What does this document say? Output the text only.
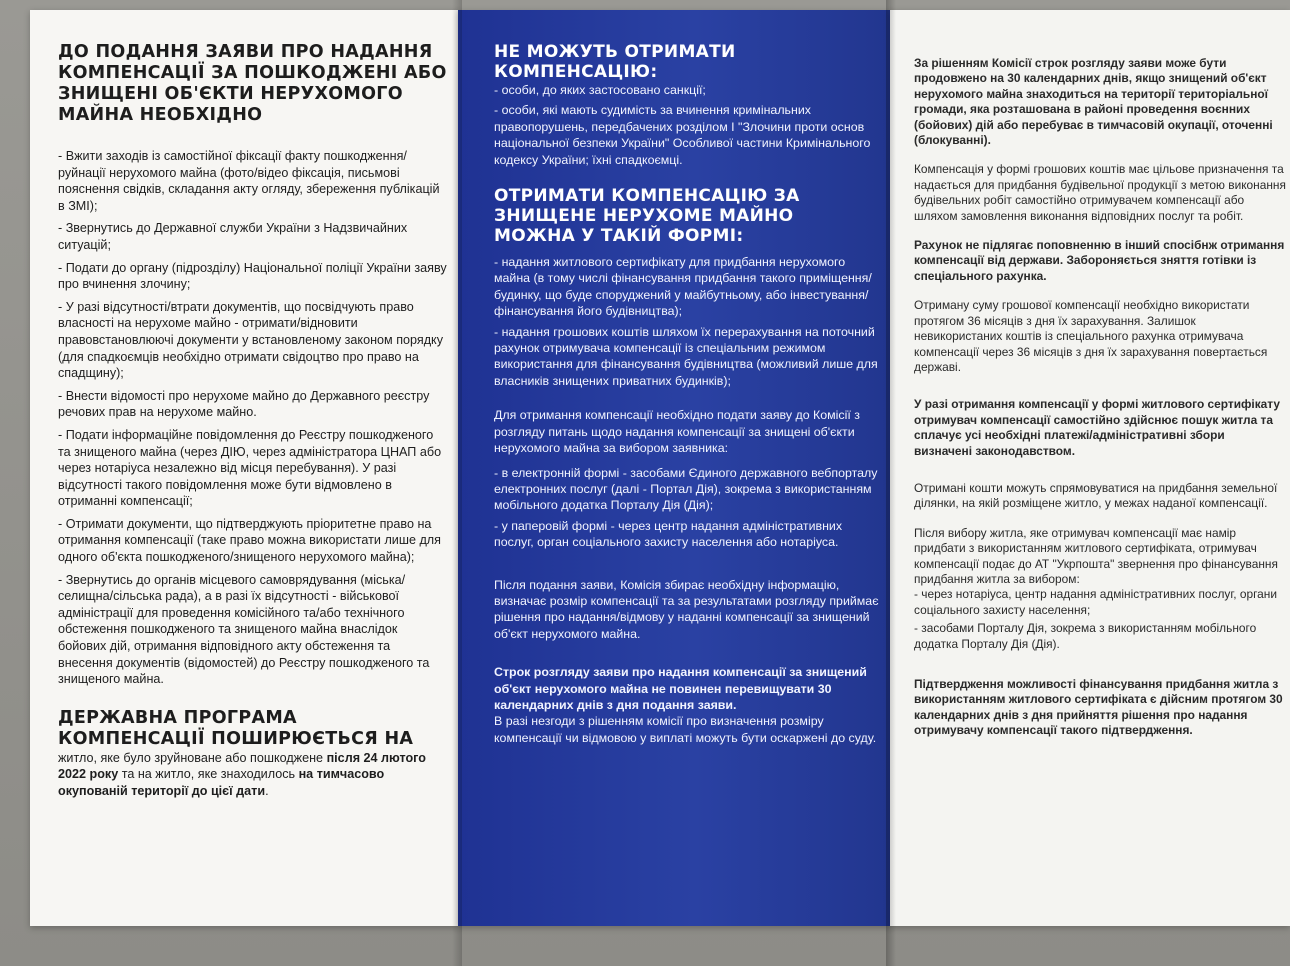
ДО ПОДАННЯ ЗАЯВИ ПРО НАДАННЯ КОМПЕНСАЦІЇ ЗА ПОШКОДЖЕНІ АБО ЗНИЩЕНІ ОБ'ЄКТИ НЕРУХОМОГО МАЙНА НЕОБХІДНО
- Вжити заходів із самостійної фіксації факту пошкодження/руйнації нерухомого майна (фото/відео фіксація, письмові пояснення свідків, складання акту огляду, збереження публікацій в ЗМІ);
- Звернутись до Державної служби України з Надзвичайних ситуацій;
- Подати до органу (підрозділу) Національної поліції України заяву про вчинення злочину;
- У разі відсутності/втрати документів, що посвідчують право власності на нерухоме майно - отримати/відновити правовстановлюючі документи у встановленому законом порядку (для спадкоємців необхідно отримати свідоцтво про право на спадщину);
- Внести відомості про нерухоме майно до Державного реєстру речових прав на нерухоме майно.
- Подати інформаційне повідомлення до Реєстру пошкодженого та знищеного майна (через ДІЮ, через адміністратора ЦНАП або через нотаріуса незалежно від місця перебування). У разі відсутності такого повідомлення може бути відмовлено в отриманні компенсації;
- Отримати документи, що підтверджують пріоритетне право на отримання компенсації (таке право можна використати лише для одного об'єкта пошкодженого/знищеного нерухомого майна);
- Звернутись до органів місцевого самоврядування (міська/селищна/сільська рада), а в разі їх відсутності - військової адміністрації для проведення комісійного та/або технічного обстеження пошкодженого та знищеного майна внаслідок бойових дій, отримання відповідного акту обстеження та внесення документів (відомостей) до Реєстру пошкодженого та знищеного майна.
ДЕРЖАВНА ПРОГРАМА КОМПЕНСАЦІЇ ПОШИРЮЄТЬСЯ НА

житло, яке було зруйноване або пошкоджене після 24 лютого 2022 року та на житло, яке знаходилось на тимчасово окупованій території до цієї дати.

НЕ МОЖУТЬ ОТРИМАТИ КОМПЕНСАЦІЮ:
- особи, до яких застосовано санкції;
- особи, які мають судимість за вчинення кримінальних правопорушень, передбачених розділом I "Злочини проти основ національної безпеки України" Особливої частини Кримінального кодексу України; їхні спадкоємці.
ОТРИМАТИ КОМПЕНСАЦІЮ ЗА ЗНИЩЕНЕ НЕРУХОМЕ МАЙНО МОЖНА У ТАКІЙ ФОРМІ:
- надання житлового сертифікату для придбання нерухомого майна (в тому числі фінансування придбання такого приміщення/будинку, що буде споруджений у майбутньому, або інвестування/фінансування його будівництва);
- надання грошових коштів шляхом їх перерахування на поточний рахунок отримувача компенсації із спеціальним режимом використання для фінансування будівництва (можливий лише для власників знищених приватних будинків);

Для отримання компенсації необхідно подати заяву до Комісії з розгляду питань щодо надання компенсації за знищені об'єкти нерухомого майна за вибором заявника:

- в електронній формі - засобами Єдиного державного вебпорталу електронних послуг (далі - Портал Дія), зокрема з використанням мобільного додатка Порталу Дія (Дія);
- у паперовій формі - через центр надання адміністративних послуг, орган соціального захисту населення або нотаріуса.

Після подання заяви, Комісія збирає необхідну інформацію, визначає розмір компенсації та за результатами розгляду приймає рішення про надання/відмову у наданні компенсації за знищений об'єкт нерухомого майна.

Строк розгляду заяви про надання компенсації за знищений об'єкт нерухомого майна не повинен перевищувати 30 календарних днів з дня подання заяви.

В разі незгоди з рішенням комісії про визначення розміру компенсації чи відмовою у виплаті можуть бути оскаржені до суду.

За рішенням Комісії строк розгляду заяви може бути продовжено на 30 календарних днів, якщо знищений об'єкт нерухомого майна знаходиться на території територіальної громади, яка розташована в районі проведення воєнних (бойових) дій або перебуває в тимчасовій окупації, оточенні (блокуванні).

Компенсація у формі грошових коштів має цільове призначення та надається для придбання будівельної продукції з метою виконання будівельних робіт самостійно отримувачем компенсації або шляхом замовлення виконання відповідних послуг та робіт.

Рахунок не підлягає поповненню в інший спосібнж отримання компенсації від держави. Забороняється зняття готівки із спеціального рахунка.

Отриману суму грошової компенсації необхідно використати протягом 36 місяців з дня їх зарахування. Залишок невикористаних коштів із спеціального рахунка отримувача компенсації через 36 місяців з дня їх зарахування повертається державі.

У разі отримання компенсації у формі житлового сертифікату отримувач компенсації самостійно здійснює пошук житла та сплачує усі необхідні платежі/адміністративні збори визначені законодавством.

Отримані кошти можуть спрямовуватися на придбання земельної ділянки, на якій розміщене житло, у межах наданої компенсації.

Після вибору житла, яке отримувач компенсації має намір придбати з використанням житлового сертифіката, отримувач компенсації подає до АТ "Укрпошта" звернення про фінансування придбання житла за вибором:

- через нотаріуса, центр надання адміністративних послуг, органи соціального захисту населення;
- засобами Порталу Дія, зокрема з використанням мобільного додатка Порталу Дія (Дія).

Підтвердження можливості фінансування придбання житла з використанням житлового сертифіката є дійсним протягом 30 календарних днів з дня прийняття рішення про надання отримувачу компенсації такого підтвердження.
